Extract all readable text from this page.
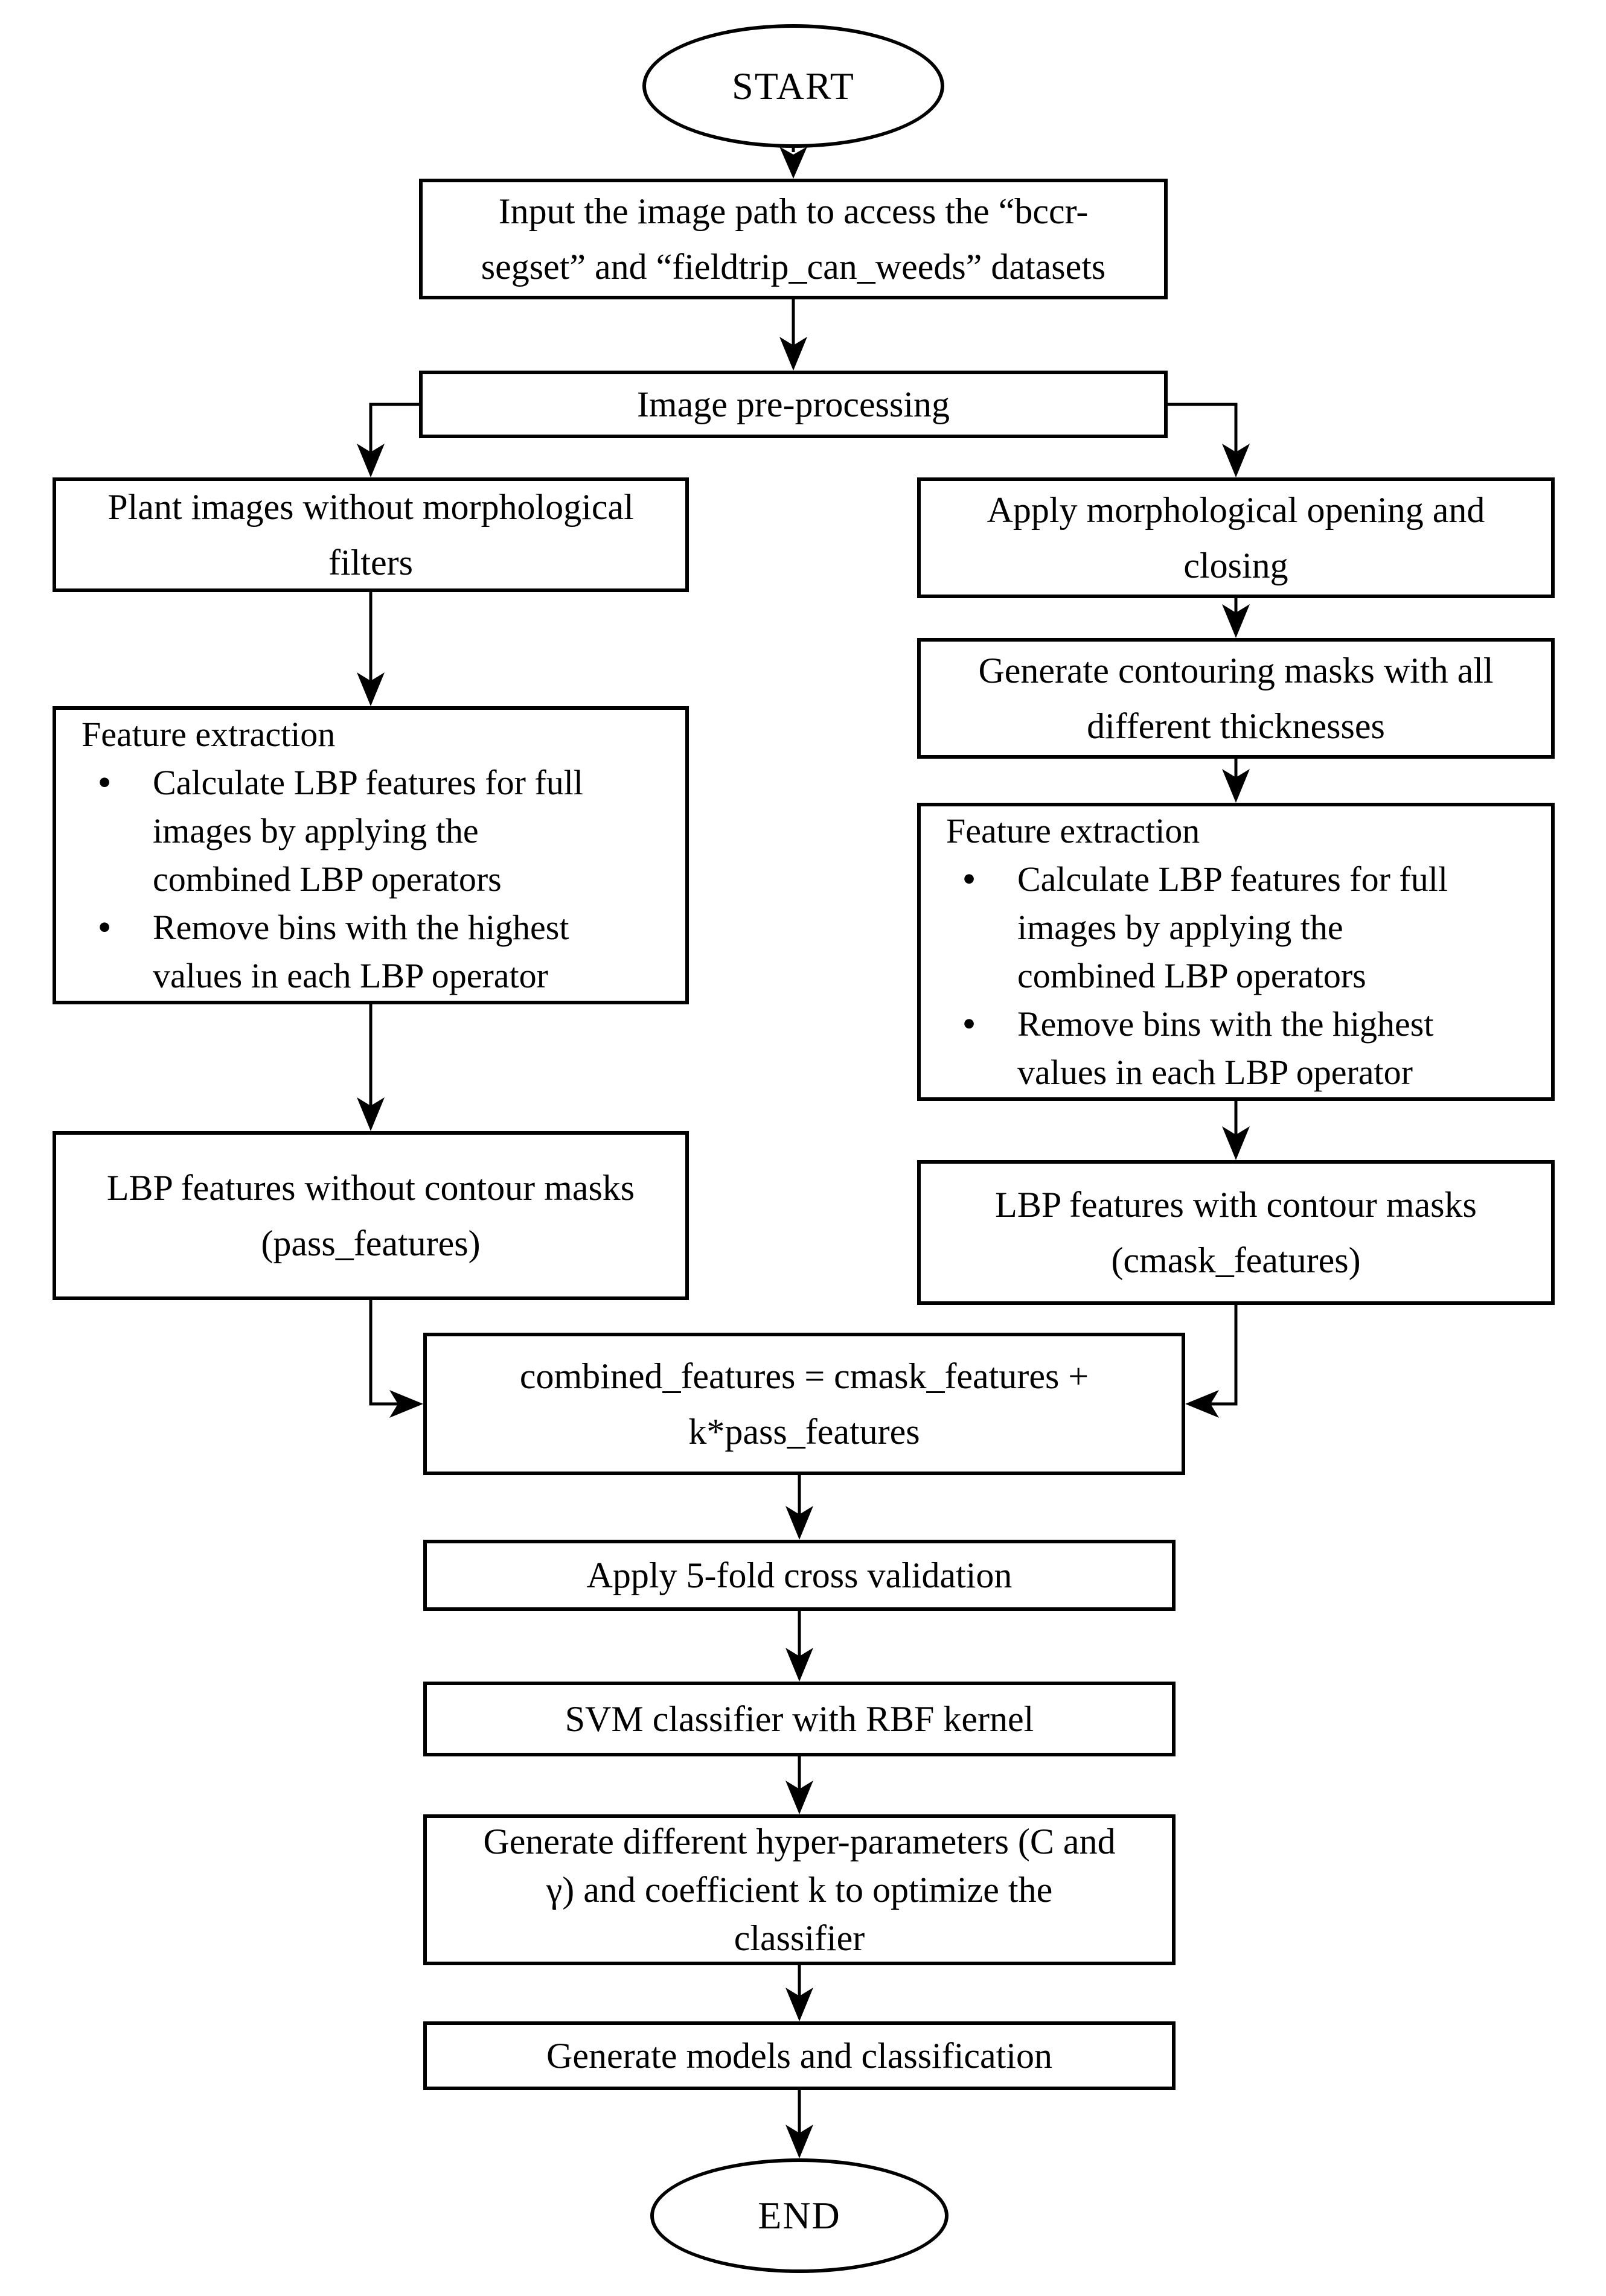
START
Input the image path to access the “bccr-
segset” and “fieldtrip_can_weeds” datasets
Image pre-processing
Plant images without morphological
filters
Apply morphological opening and
closing
Generate contouring masks with all
different thicknesses
Feature extraction
•	Calculate LBP features for full
images by applying the
combined LBP operators
•	Remove bins with the highest
values in each LBP operator
Feature extraction
•	Calculate LBP features for full
images by applying the
combined LBP operators
•	Remove bins with the highest
values in each LBP operator
LBP features without contour masks
(pass_features)
LBP features with contour masks
(cmask_features)
combined_features = cmask_features +
k*pass_features
Apply 5-fold cross validation
SVM classifier with RBF kernel
Generate different hyper-parameters (C and
γ) and coefficient k to optimize the
classifier
Generate models and classification
END
